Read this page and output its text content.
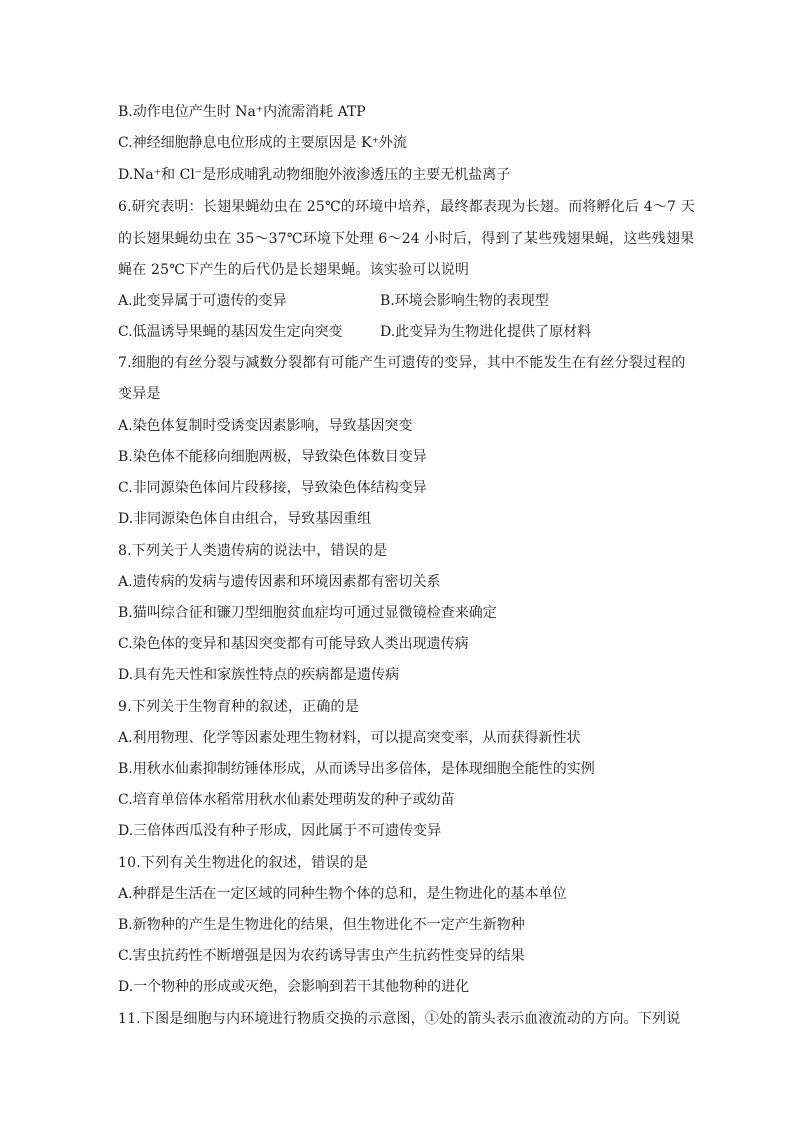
B.动作电位产生时 Na⁺内流需消耗 ATP
C.神经细胞静息电位形成的主要原因是 K⁺外流
D.Na⁺和 Cl⁻是形成哺乳动物细胞外液渗透压的主要无机盐离子
6.研究表明：长翅果蝇幼虫在 25℃的环境中培养，最终都表现为长翅。而将孵化后 4～7 天
的长翅果蝇幼虫在 35～37℃环境下处理 6～24 小时后，得到了某些残翅果蝇，这些残翅果
蝇在 25℃下产生的后代仍是长翅果蝇。该实验可以说明
A.此变异属于可遗传的变异	B.环境会影响生物的表现型
C.低温诱导果蝇的基因发生定向突变	D.此变异为生物进化提供了原材料
7.细胞的有丝分裂与减数分裂都有可能产生可遗传的变异，其中不能发生在有丝分裂过程的
变异是
A.染色体复制时受诱变因素影响，导致基因突变
B.染色体不能移向细胞两极，导致染色体数目变异
C.非同源染色体间片段移接，导致染色体结构变异
D.非同源染色体自由组合，导致基因重组
8.下列关于人类遗传病的说法中，错误的是
A.遗传病的发病与遗传因素和环境因素都有密切关系
B.猫叫综合征和镰刀型细胞贫血症均可通过显微镜检查来确定
C.染色体的变异和基因突变都有可能导致人类出现遗传病
D.具有先天性和家族性特点的疾病都是遗传病
9.下列关于生物育种的叙述，正确的是
A.利用物理、化学等因素处理生物材料，可以提高突变率，从而获得新性状
B.用秋水仙素抑制纺锤体形成，从而诱导出多倍体，是体现细胞全能性的实例
C.培育单倍体水稻常用秋水仙素处理萌发的种子或幼苗
D.三倍体西瓜没有种子形成，因此属于不可遗传变异
10.下列有关生物进化的叙述，错误的是
A.种群是生活在一定区域的同种生物个体的总和，是生物进化的基本单位
B.新物种的产生是生物进化的结果，但生物进化不一定产生新物种
C.害虫抗药性不断增强是因为农药诱导害虫产生抗药性变异的结果
D.一个物种的形成或灭绝，会影响到若干其他物种的进化
11.下图是细胞与内环境进行物质交换的示意图，①处的箭头表示血液流动的方向。下列说
